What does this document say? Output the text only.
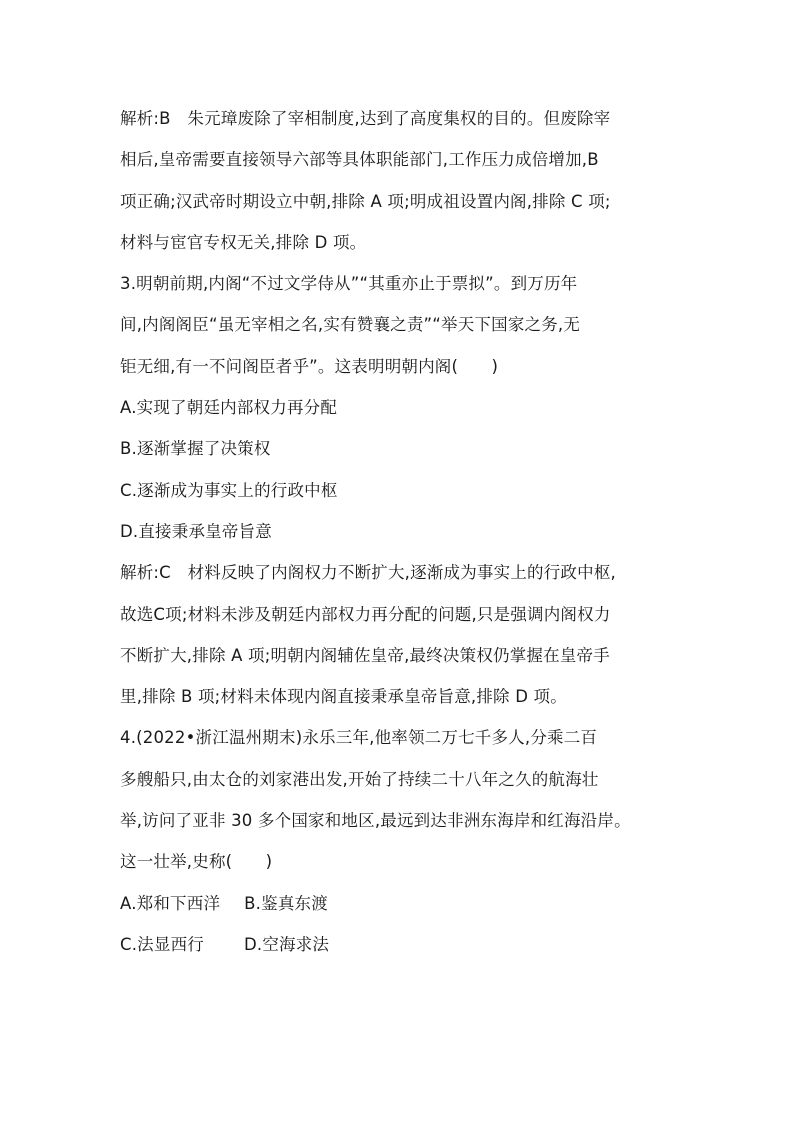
解析:B　朱元璋废除了宰相制度,达到了高度集权的目的。但废除宰
相后,皇帝需要直接领导六部等具体职能部门,工作压力成倍增加,B
项正确;汉武帝时期设立中朝,排除 A 项;明成祖设置内阁,排除 C 项;
材料与宦官专权无关,排除 D 项。
3.明朝前期,内阁“不过文学侍从”“其重亦止于票拟”。到万历年
间,内阁阁臣“虽无宰相之名,实有赞襄之责”“举天下国家之务,无
钜无细,有一不问阁臣者乎”。这表明明朝内阁(　　)
A.实现了朝廷内部权力再分配
B.逐渐掌握了决策权
C.逐渐成为事实上的行政中枢
D.直接秉承皇帝旨意
解析:C　材料反映了内阁权力不断扩大,逐渐成为事实上的行政中枢,
故选C项;材料未涉及朝廷内部权力再分配的问题,只是强调内阁权力
不断扩大,排除 A 项;明朝内阁辅佐皇帝,最终决策权仍掌握在皇帝手
里,排除 B 项;材料未体现内阁直接秉承皇帝旨意,排除 D 项。
4.(2022•浙江温州期末)永乐三年,他率领二万七千多人,分乘二百
多艘船只,由太仓的刘家港出发,开始了持续二十八年之久的航海壮
举,访问了亚非 30 多个国家和地区,最远到达非洲东海岸和红海沿岸。
这一壮举,史称(　　)
A.郑和下西洋 B.鉴真东渡
C.法显西行 D.空海求法
